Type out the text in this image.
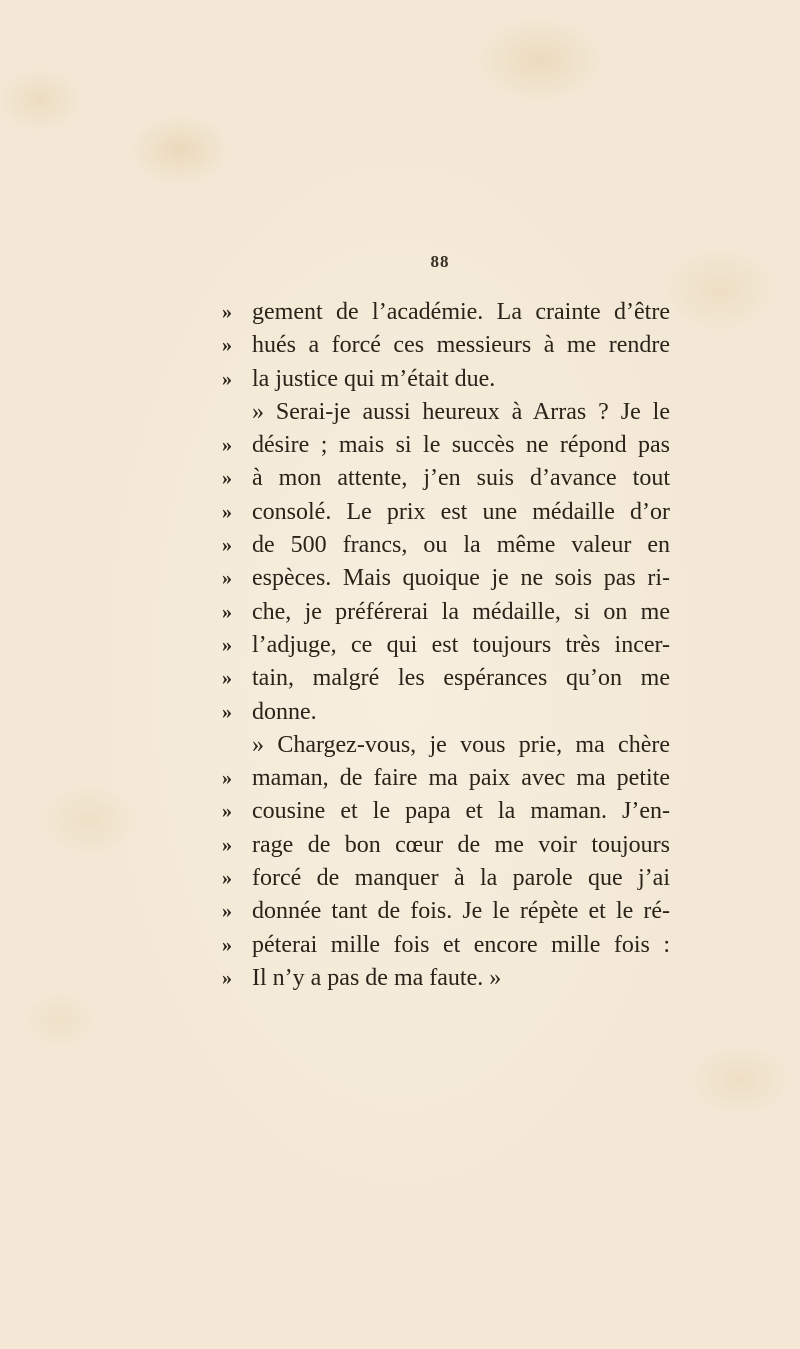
88
» gement de l’académie. La crainte d’être
» hués a forcé ces messieurs à me rendre
» la justice qui m’était due.
» Serai-je aussi heureux à Arras ? Je le
» désire ; mais si le succès ne répond pas
» à mon attente, j’en suis d’avance tout
» consolé. Le prix est une médaille d’or
» de 500 francs, ou la même valeur en
» espèces. Mais quoique je ne sois pas ri-
» che, je préférerai la médaille, si on me
» l’adjuge, ce qui est toujours très incer-
» tain, malgré les espérances qu’on me
» donne.
» Chargez-vous, je vous prie, ma chère
» maman, de faire ma paix avec ma petite
» cousine et le papa et la maman. J’en-
» rage de bon cœur de me voir toujours
» forcé de manquer à la parole que j’ai
» donnée tant de fois. Je le répète et le ré-
» péterai mille fois et encore mille fois :
» Il n’y a pas de ma faute. »
